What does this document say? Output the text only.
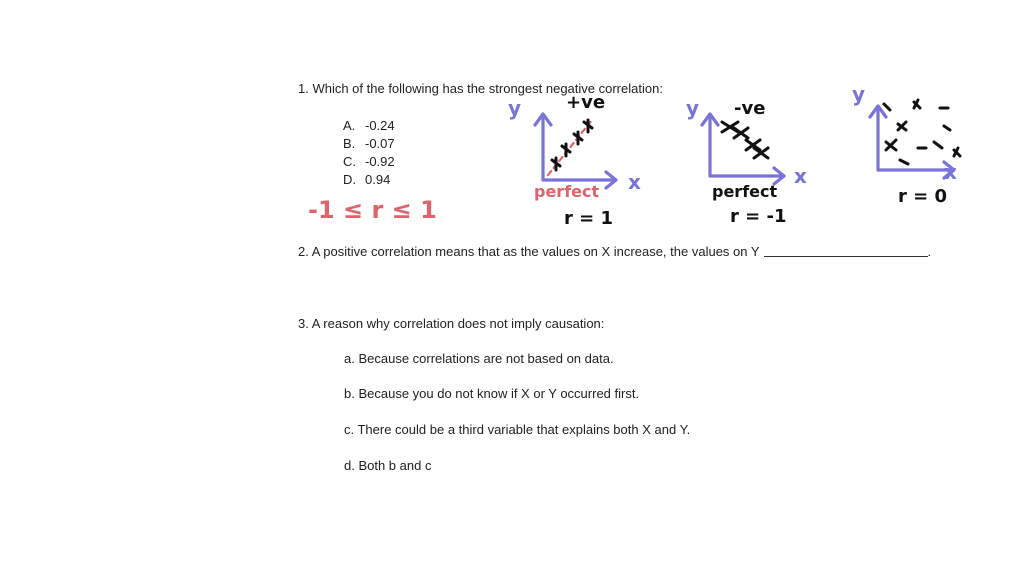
1. Which of the following has the strongest negative correlation:
A. -0.24
B. -0.07
C. -0.92
D. 0.94
2. A positive correlation means that as the values on X increase, the values on Y	.
3. A reason why correlation does not imply causation:
a. Because correlations are not based on data.
b. Because you do not know if X or Y occurred first.
c. There could be a third variable that explains both X and Y.
d. Both b and c
-1 ≤ r ≤ 1
+ve
y
x
perfect
r = 1
-ve
y
x
perfect
r = -1
y
x
r = 0
